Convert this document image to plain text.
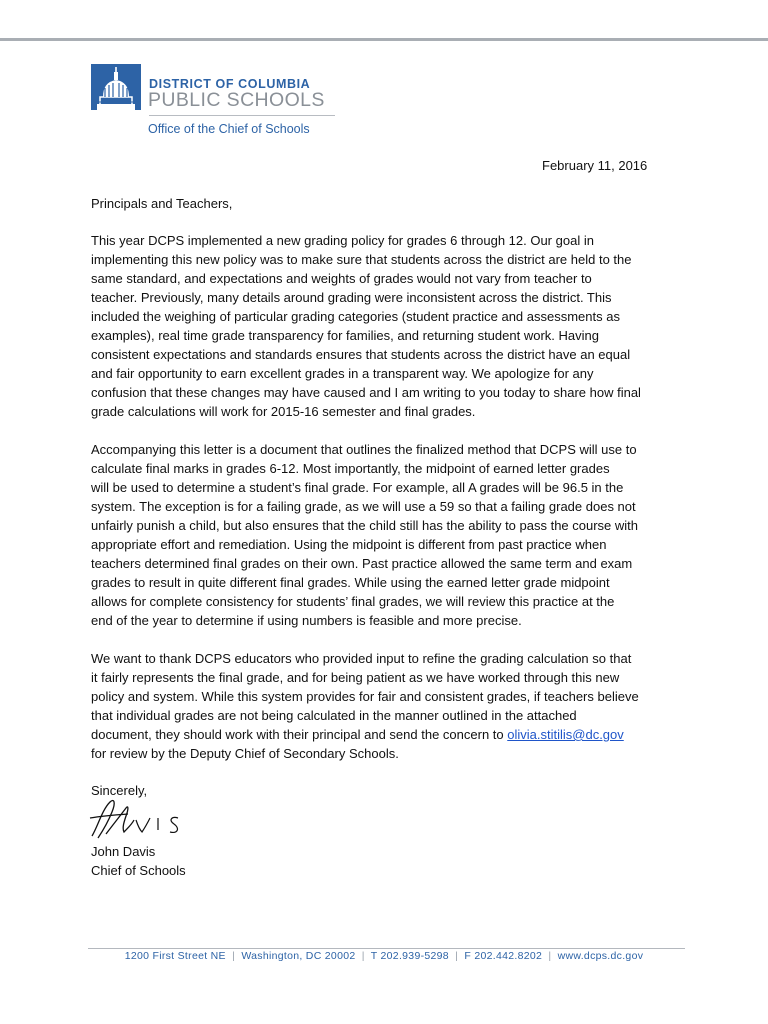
DISTRICT OF COLUMBIA
PUBLIC SCHOOLS
Office of the Chief of Schools
February 11, 2016
Principals and Teachers,
This year DCPS implemented a new grading policy for grades 6 through 12. Our goal in
implementing this new policy was to make sure that students across the district are held to the
same standard, and expectations and weights of grades would not vary from teacher to
teacher. Previously, many details around grading were inconsistent across the district. This
included the weighing of particular grading categories (student practice and assessments as
examples), real time grade transparency for families, and returning student work. Having
consistent expectations and standards ensures that students across the district have an equal
and fair opportunity to earn excellent grades in a transparent way. We apologize for any
confusion that these changes may have caused and I am writing to you today to share how final
grade calculations will work for 2015-16 semester and final grades.
Accompanying this letter is a document that outlines the finalized method that DCPS will use to
calculate final marks in grades 6-12. Most importantly, the midpoint of earned letter grades
will be used to determine a student’s final grade. For example, all A grades will be 96.5 in the
system. The exception is for a failing grade, as we will use a 59 so that a failing grade does not
unfairly punish a child, but also ensures that the child still has the ability to pass the course with
appropriate effort and remediation. Using the midpoint is different from past practice when
teachers determined final grades on their own. Past practice allowed the same term and exam
grades to result in quite different final grades. While using the earned letter grade midpoint
allows for complete consistency for students’ final grades, we will review this practice at the
end of the year to determine if using numbers is feasible and more precise.
We want to thank DCPS educators who provided input to refine the grading calculation so that
it fairly represents the final grade, and for being patient as we have worked through this new
policy and system. While this system provides for fair and consistent grades, if teachers believe
that individual grades are not being calculated in the manner outlined in the attached
document, they should work with their principal and send the concern to olivia.stitilis@dc.gov
for review by the Deputy Chief of Secondary Schools.
Sincerely,
John Davis
Chief of Schools
1200 First Street NE | Washington, DC 20002 | T 202.939-5298 | F 202.442.8202 | www.dcps.dc.gov
